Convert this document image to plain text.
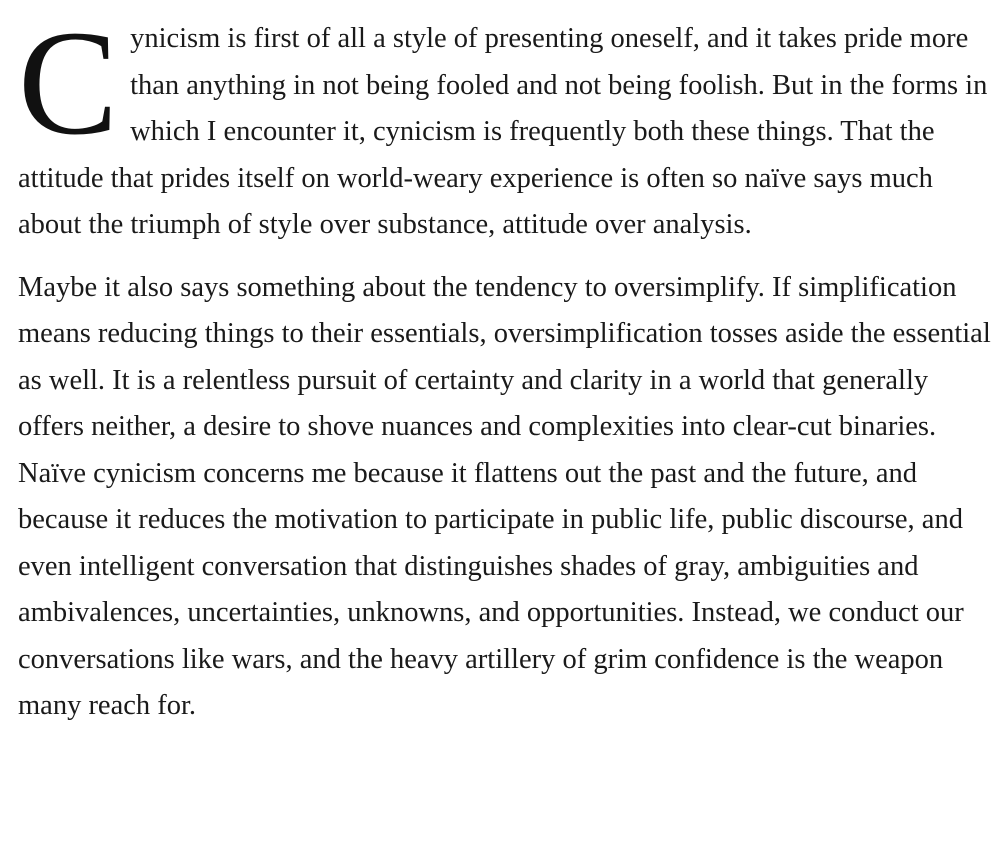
C ynicism is first of all a style of presenting oneself, and it takes pride more than anything in not being fooled and not being foolish. But in the forms in which I encounter it, cynicism is frequently both these things. That the attitude that prides itself on world-weary experience is often so naïve says much about the triumph of style over substance, attitude over analysis.

Maybe it also says something about the tendency to oversimplify. If simplification means reducing things to their essentials, oversimplification tosses aside the essential as well. It is a relentless pursuit of certainty and clarity in a world that generally offers neither, a desire to shove nuances and complexities into clear-cut binaries. Naïve cynicism concerns me because it flattens out the past and the future, and because it reduces the motivation to participate in public life, public discourse, and even intelligent conversation that distinguishes shades of gray, ambiguities and ambivalences, uncertainties, unknowns, and opportunities. Instead, we conduct our conversations like wars, and the heavy artillery of grim confidence is the weapon many reach for.
